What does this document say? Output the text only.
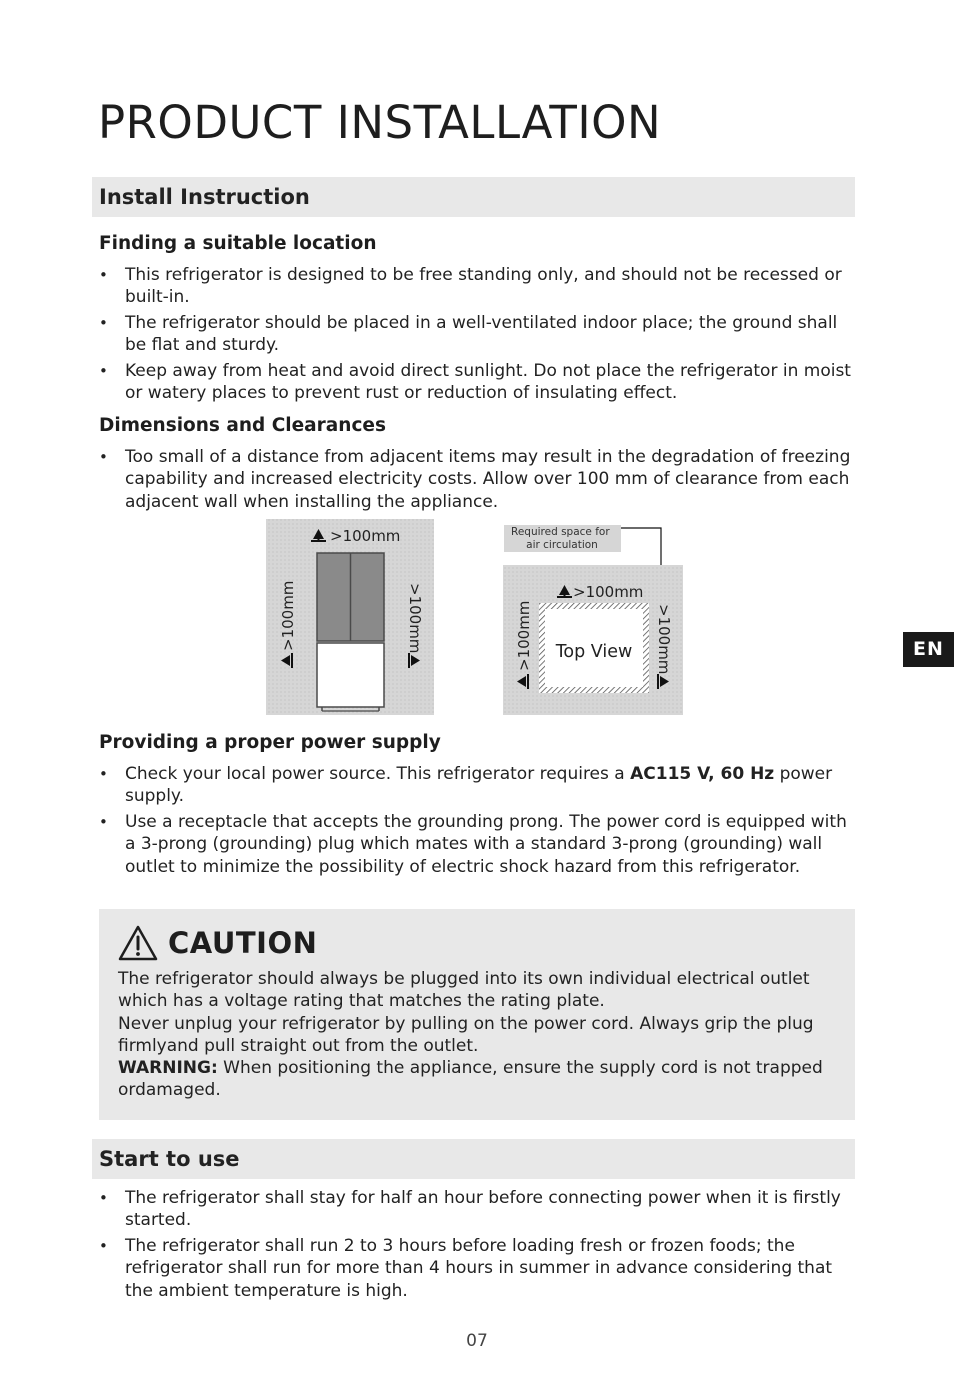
PRODUCT INSTALLATION
Install Instruction
Finding a suitable location
• This refrigerator is designed to be free standing only, and should not be recessed or built-in.
• The refrigerator should be placed in a well-ventilated indoor place; the ground shall be flat and sturdy.
• Keep away from heat and avoid direct sunlight. Do not place the refrigerator in moist or watery places to prevent rust or reduction of insulating effect.
Dimensions and Clearances
• Too small of a distance from adjacent items may result in the degradation of freezing capability and increased electricity costs. Allow over 100 mm of clearance from each adjacent wall when installing the appliance.
>100mm
>100mm	>100mm
Required space for air circulation
Top View
>100mm
>100mm	>100mm
Providing a proper power supply
• Check your local power source. This refrigerator requires a AC115 V, 60 Hz power supply.
• Use a receptacle that accepts the grounding prong. The power cord is equipped with a 3-prong (grounding) plug which mates with a standard 3-prong (grounding) wall outlet to minimize the possibility of electric shock hazard from this refrigerator.
CAUTION

The refrigerator should always be plugged into its own individual electrical outlet which has a voltage rating that matches the rating plate.

Never unplug your refrigerator by pulling on the power cord. Always grip the plug firmlyand pull straight out from the outlet.

WARNING: When positioning the appliance, ensure the supply cord is not trapped ordamaged.

Start to use
• The refrigerator shall stay for half an hour before connecting power when it is firstly started.
• The refrigerator shall run 2 to 3 hours before loading fresh or frozen foods; the refrigerator shall run for more than 4 hours in summer in advance considering that the ambient temperature is high.
EN
07
